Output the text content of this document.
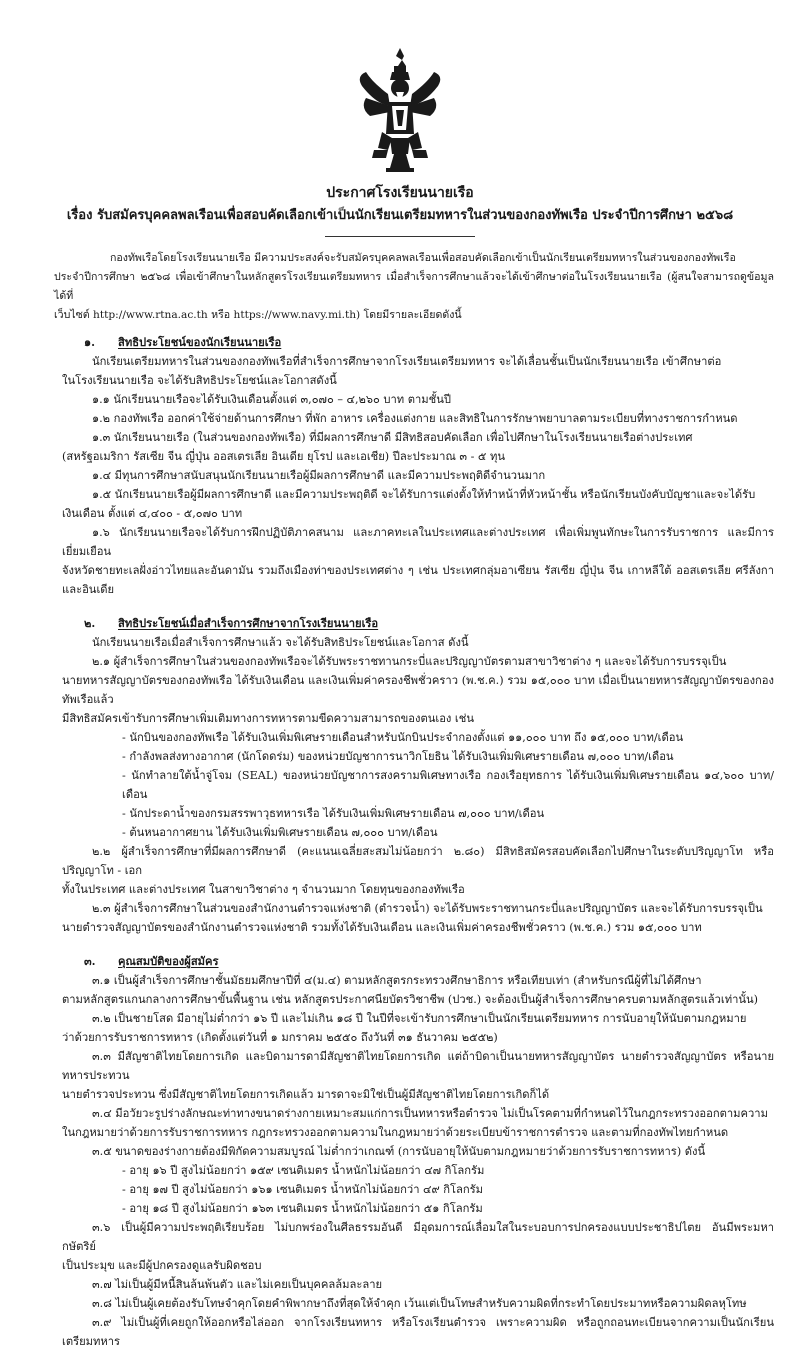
ประกาศโรงเรียนนายเรือ
เรื่อง รับสมัครบุคคลพลเรือนเพื่อสอบคัดเลือกเข้าเป็นนักเรียนเตรียมทหารในส่วนของกองทัพเรือ ประจำปีการศึกษา ๒๕๖๘

กองทัพเรือโดยโรงเรียนนายเรือ มีความประสงค์จะรับสมัครบุคคลพลเรือนเพื่อสอบคัดเลือกเข้าเป็นนักเรียนเตรียมทหารในส่วนของกองทัพเรือ

ประจำปีการศึกษา ๒๕๖๘ เพื่อเข้าศึกษาในหลักสูตรโรงเรียนเตรียมทหาร เมื่อสำเร็จการศึกษาแล้วจะได้เข้าศึกษาต่อในโรงเรียนนายเรือ (ผู้สนใจสามารถดูข้อมูลได้ที่

เว็บไซต์ http://www.rtna.ac.th หรือ https://www.navy.mi.th) โดยมีรายละเอียดดังนี้

๑. สิทธิประโยชน์ของนักเรียนนายเรือ

นักเรียนเตรียมทหารในส่วนของกองทัพเรือที่สำเร็จการศึกษาจากโรงเรียนเตรียมทหาร จะได้เลื่อนชั้นเป็นนักเรียนนายเรือ เข้าศึกษาต่อ

ในโรงเรียนนายเรือ จะได้รับสิทธิประโยชน์และโอกาสดังนี้

๑.๑ นักเรียนนายเรือจะได้รับเงินเดือนตั้งแต่ ๓,๐๗๐ – ๔,๒๖๐ บาท ตามชั้นปี

๑.๒ กองทัพเรือ ออกค่าใช้จ่ายด้านการศึกษา ที่พัก อาหาร เครื่องแต่งกาย และสิทธิในการรักษาพยาบาลตามระเบียบที่ทางราชการกำหนด

๑.๓ นักเรียนนายเรือ (ในส่วนของกองทัพเรือ) ที่มีผลการศึกษาดี มีสิทธิสอบคัดเลือก เพื่อไปศึกษาในโรงเรียนนายเรือต่างประเทศ

(สหรัฐอเมริกา รัสเซีย จีน ญี่ปุ่น ออสเตรเลีย อินเดีย ยุโรป และเอเชีย) ปีละประมาณ ๓ - ๕ ทุน

๑.๔ มีทุนการศึกษาสนับสนุนนักเรียนนายเรือผู้มีผลการศึกษาดี และมีความประพฤติดีจำนวนมาก

๑.๕ นักเรียนนายเรือผู้มีผลการศึกษาดี และมีความประพฤติดี จะได้รับการแต่งตั้งให้ทำหน้าที่หัวหน้าชั้น หรือนักเรียนบังคับบัญชาและจะได้รับ

เงินเดือน ตั้งแต่ ๔,๔๐๐ - ๕,๐๗๐ บาท

๑.๖ นักเรียนนายเรือจะได้รับการฝึกปฏิบัติภาคสนาม และภาคทะเลในประเทศและต่างประเทศ เพื่อเพิ่มพูนทักษะในการรับราชการ และมีการเยี่ยมเยือน

จังหวัดชายทะเลฝั่งอ่าวไทยและอันดามัน รวมถึงเมืองท่าของประเทศต่าง ๆ เช่น ประเทศกลุ่มอาเซียน รัสเซีย ญี่ปุ่น จีน เกาหลีใต้ ออสเตรเลีย ศรีลังกา และอินเดีย

๒. สิทธิประโยชน์เมื่อสำเร็จการศึกษาจากโรงเรียนนายเรือ

นักเรียนนายเรือเมื่อสำเร็จการศึกษาแล้ว จะได้รับสิทธิประโยชน์และโอกาส ดังนี้

๒.๑ ผู้สำเร็จการศึกษาในส่วนของกองทัพเรือจะได้รับพระราชทานกระบี่และปริญญาบัตรตามสาขาวิชาต่าง ๆ และจะได้รับการบรรจุเป็น

นายทหารสัญญาบัตรของกองทัพเรือ ได้รับเงินเดือน และเงินเพิ่มค่าครองชีพชั่วคราว (พ.ช.ค.) รวม ๑๕,๐๐๐ บาท เมื่อเป็นนายทหารสัญญาบัตรของกองทัพเรือแล้ว

มีสิทธิสมัครเข้ารับการศึกษาเพิ่มเติมทางการทหารตามขีดความสามารถของตนเอง เช่น

- นักบินของกองทัพเรือ ได้รับเงินเพิ่มพิเศษรายเดือนสำหรับนักบินประจำกองตั้งแต่ ๑๑,๐๐๐ บาท ถึง ๑๕,๐๐๐ บาท/เดือน

- กำลังพลส่งทางอากาศ (นักโดดร่ม) ของหน่วยบัญชาการนาวิกโยธิน ได้รับเงินเพิ่มพิเศษรายเดือน ๗,๐๐๐ บาท/เดือน

- นักทำลายใต้น้ำจู่โจม (SEAL) ของหน่วยบัญชาการสงครามพิเศษทางเรือ กองเรือยุทธการ ได้รับเงินเพิ่มพิเศษรายเดือน ๑๔,๖๐๐ บาท/เดือน

- นักประดาน้ำของกรมสรรพาวุธทหารเรือ ได้รับเงินเพิ่มพิเศษรายเดือน ๗,๐๐๐ บาท/เดือน

- ต้นหนอากาศยาน ได้รับเงินเพิ่มพิเศษรายเดือน ๗,๐๐๐ บาท/เดือน

๒.๒ ผู้สำเร็จการศึกษาที่มีผลการศึกษาดี (คะแนนเฉลี่ยสะสมไม่น้อยกว่า ๒.๘๐) มีสิทธิสมัครสอบคัดเลือกไปศึกษาในระดับปริญญาโท หรือปริญญาโท - เอก

ทั้งในประเทศ และต่างประเทศ ในสาขาวิชาต่าง ๆ จำนวนมาก โดยทุนของกองทัพเรือ

๒.๓ ผู้สำเร็จการศึกษาในส่วนของสำนักงานตำรวจแห่งชาติ (ตำรวจน้ำ) จะได้รับพระราชทานกระบี่และปริญญาบัตร และจะได้รับการบรรจุเป็น

นายตำรวจสัญญาบัตรของสำนักงานตำรวจแห่งชาติ รวมทั้งได้รับเงินเดือน และเงินเพิ่มค่าครองชีพชั่วคราว (พ.ช.ค.) รวม ๑๕,๐๐๐ บาท

๓. คุณสมบัติของผู้สมัคร

๓.๑ เป็นผู้สำเร็จการศึกษาชั้นมัธยมศึกษาปีที่ ๔(ม.๔) ตามหลักสูตรกระทรวงศึกษาธิการ หรือเทียบเท่า (สำหรับกรณีผู้ที่ไม่ได้ศึกษา

ตามหลักสูตรแกนกลางการศึกษาขั้นพื้นฐาน เช่น หลักสูตรประกาศนียบัตรวิชาชีพ (ปวช.) จะต้องเป็นผู้สำเร็จการศึกษาครบตามหลักสูตรแล้วเท่านั้น)

๓.๒ เป็นชายโสด มีอายุไม่ต่ำกว่า ๑๖ ปี และไม่เกิน ๑๘ ปี ในปีที่จะเข้ารับการศึกษาเป็นนักเรียนเตรียมทหาร การนับอายุให้นับตามกฎหมาย

ว่าด้วยการรับราชการทหาร (เกิดตั้งแต่วันที่ ๑ มกราคม ๒๕๕๐ ถึงวันที่ ๓๑ ธันวาคม ๒๕๕๒)

๓.๓ มีสัญชาติไทยโดยการเกิด และบิดามารดามีสัญชาติไทยโดยการเกิด แต่ถ้าบิดาเป็นนายทหารสัญญาบัตร นายตำรวจสัญญาบัตร หรือนายทหารประทวน

นายตำรวจประทวน ซึ่งมีสัญชาติไทยโดยการเกิดแล้ว มารดาจะมิใช่เป็นผู้มีสัญชาติไทยโดยการเกิดก็ได้

๓.๔ มีอวัยวะรูปร่างลักษณะท่าทางขนาดร่างกายเหมาะสมแก่การเป็นทหารหรือตำรวจ ไม่เป็นโรคตามที่กำหนดไว้ในกฎกระทรวงออกตามความ

ในกฎหมายว่าด้วยการรับราชการทหาร กฎกระทรวงออกตามความในกฎหมายว่าด้วยระเบียบข้าราชการตำรวจ และตามที่กองทัพไทยกำหนด

๓.๕ ขนาดของร่างกายต้องมีพิกัดความสมบูรณ์ ไม่ต่ำกว่าเกณฑ์ (การนับอายุให้นับตามกฎหมายว่าด้วยการรับราชการทหาร) ดังนี้

- อายุ ๑๖ ปี สูงไม่น้อยกว่า ๑๕๙ เซนติเมตร น้ำหนักไม่น้อยกว่า ๔๗ กิโลกรัม

- อายุ ๑๗ ปี สูงไม่น้อยกว่า ๑๖๑ เซนติเมตร น้ำหนักไม่น้อยกว่า ๔๙ กิโลกรัม

- อายุ ๑๘ ปี สูงไม่น้อยกว่า ๑๖๓ เซนติเมตร น้ำหนักไม่น้อยกว่า ๕๑ กิโลกรัม

๓.๖ เป็นผู้มีความประพฤติเรียบร้อย ไม่บกพร่องในศีลธรรมอันดี มีอุดมการณ์เลื่อมใสในระบอบการปกครองแบบประชาธิปไตย อันมีพระมหากษัตริย์

เป็นประมุข และมีผู้ปกครองดูแลรับผิดชอบ

๓.๗ ไม่เป็นผู้มีหนี้สินล้นพ้นตัว และไม่เคยเป็นบุคคลล้มละลาย

๓.๘ ไม่เป็นผู้เคยต้องรับโทษจำคุกโดยคำพิพากษาถึงที่สุดให้จำคุก เว้นแต่เป็นโทษสำหรับความผิดที่กระทำโดยประมาทหรือความผิดลหุโทษ

๓.๙ ไม่เป็นผู้ที่เคยถูกให้ออกหรือไล่ออก จากโรงเรียนทหาร หรือโรงเรียนตำรวจ เพราะความผิด หรือถูกถอนทะเบียนจากความเป็นนักเรียนเตรียมทหาร
